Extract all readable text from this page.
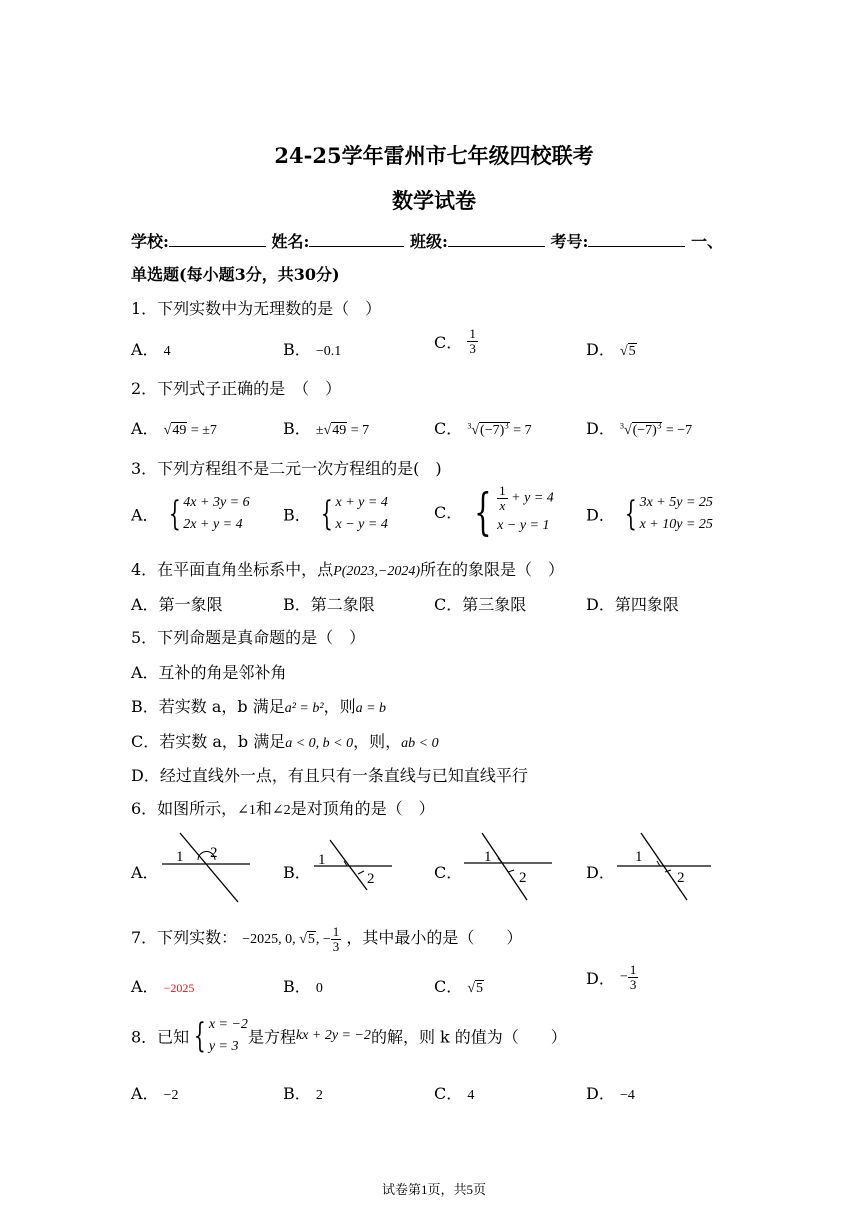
24-25学年雷州市七年级四校联考
数学试卷
学校:	姓名:	班级:	考号:	一、
单选题(每小题3分，共30分)
1．下列实数中为无理数的是（　）
A． 4	B． −0.1	C． $\frac{1}{3}$	D． √5
2．下列式子正确的是　（　）
A． √49 = ±7	B． ±√49 = 7	C． $^3√(-7)^3 = 7$	D． $^3√(-7)^3 = -7$
3．下列方程组不是二元一次方程组的是(　)
A． { 4x + 3y = 6
2x + y = 4	B． { x + y = 4
x − y = 4
C． { $\frac{1}{x} + y = 4$
x − y = 1
D． { 3x + 5y = 25
x + 10y = 25
4．在平面直角坐标系中，点P(2023,−2024)所在的象限是（　）
A．第一象限	B．第二象限	C．第三象限	D．第四象限
5．下列命题是真命题的是（　）
A．互补的角是邻补角
B．若实数 a，b 满足a² = b²，则a = b
C．若实数 a，b 满足a < 0, b < 0，则，ab < 0
D．经过直线外一点，有且只有一条直线与已知直线平行
6．如图所示，∠1和∠2是对顶角的是（　）
A．
1 2
B．
1
2	C．
1
2	D．
1
2
7．下列实数： −2025, 0, √5, − $\frac{1}{3}$ ，其中最小的是（　　）
A． −2025	B． 0	C． √5
D． − $\frac{1}{3}$
8．已知 { x = −2
y = 3 是方程kx + 2y = −2的解，则 k 的值为（　　）
A． −2	B． 2	C． 4	D． −4
试卷第1页，共5页
